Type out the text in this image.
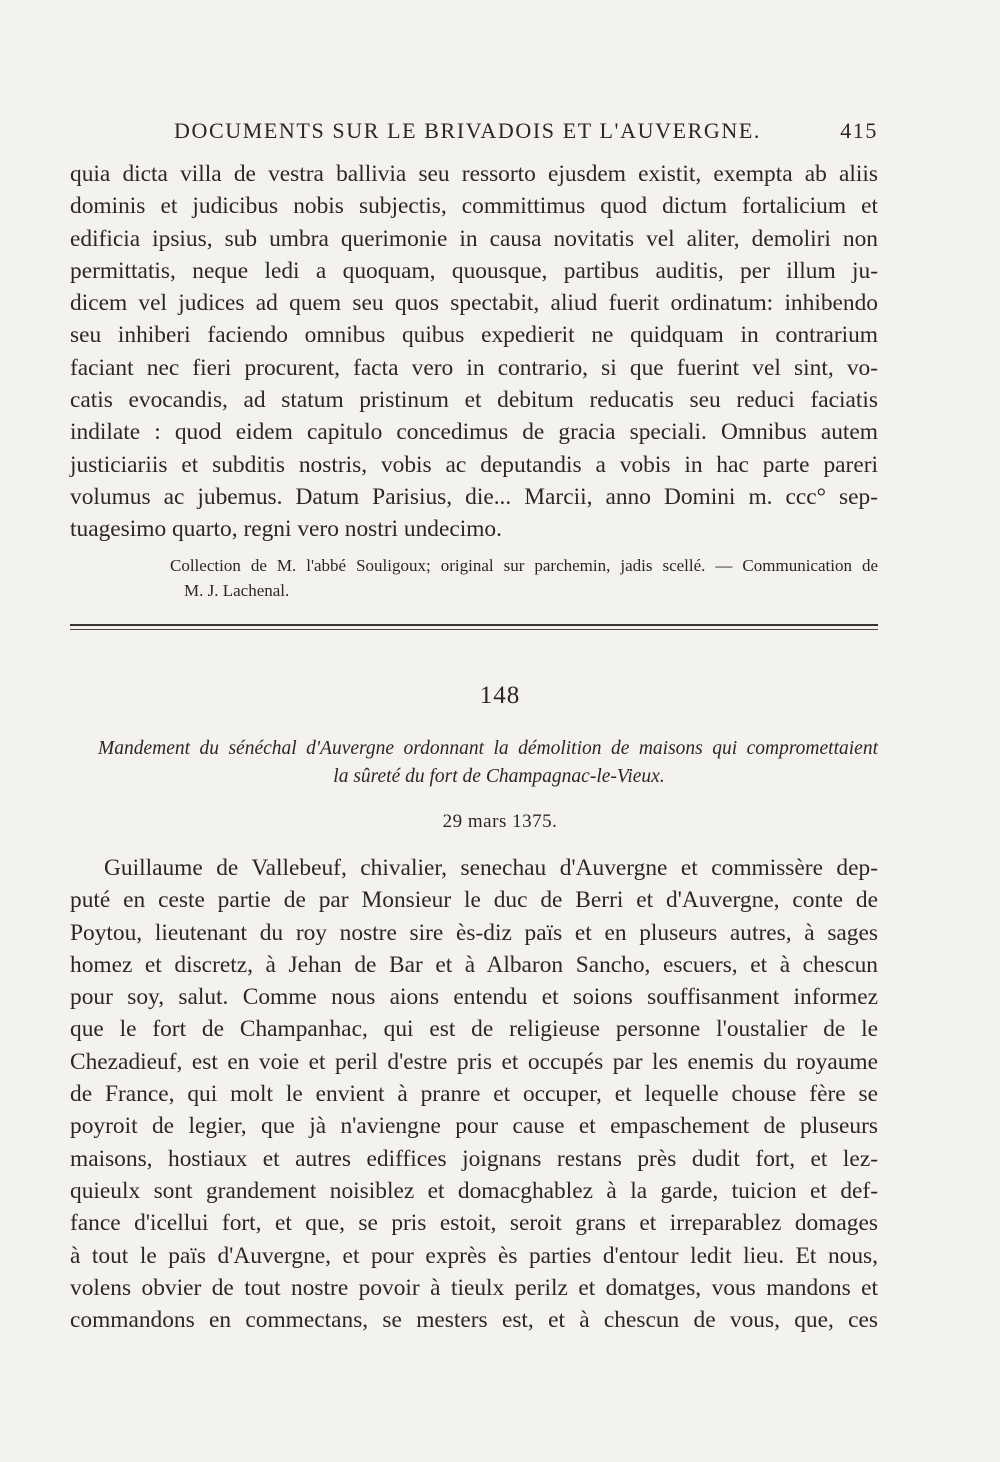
DOCUMENTS SUR LE BRIVADOIS ET L'AUVERGNE.	415
quia dicta villa de vestra ballivia seu ressorto ejusdem existit, exempta ab aliis
dominis et judicibus nobis subjectis, committimus quod dictum fortalicium et
edificia ipsius, sub umbra querimonie in causa novitatis vel aliter, demoliri non
permittatis, neque ledi a quoquam, quousque, partibus auditis, per illum ju-
dicem vel judices ad quem seu quos spectabit, aliud fuerit ordinatum: inhibendo
seu inhiberi faciendo omnibus quibus expedierit ne quidquam in contrarium
faciant nec fieri procurent, facta vero in contrario, si que fuerint vel sint, vo-
catis evocandis, ad statum pristinum et debitum reducatis seu reduci faciatis
indilate : quod eidem capitulo concedimus de gracia speciali. Omnibus autem
justiciariis et subditis nostris, vobis ac deputandis a vobis in hac parte pareri
volumus ac jubemus. Datum Parisius, die... Marcii, anno Domini m. ccc° sep-
tuagesimo quarto, regni vero nostri undecimo.
Collection de M. l'abbé Souligoux; original sur parchemin, jadis scellé. — Communication de
M. J. Lachenal.
148
Mandement du sénéchal d'Auvergne ordonnant la démolition de maisons qui compromettaient
la sûreté du fort de Champagnac-le-Vieux.
29 mars 1375.
Guillaume de Vallebeuf, chivalier, senechau d'Auvergne et commissère dep-
puté en ceste partie de par Monsieur le duc de Berri et d'Auvergne, conte de
Poytou, lieutenant du roy nostre sire ès-diz païs et en pluseurs autres, à sages
homez et discretz, à Jehan de Bar et à Albaron Sancho, escuers, et à chescun
pour soy, salut. Comme nous aions entendu et soions souffisanment informez
que le fort de Champanhac, qui est de religieuse personne l'oustalier de le
Chezadieuf, est en voie et peril d'estre pris et occupés par les enemis du royaume
de France, qui molt le envient à pranre et occuper, et lequelle chouse fère se
poyroit de legier, que jà n'aviengne pour cause et empaschement de pluseurs
maisons, hostiaux et autres ediffices joignans restans près dudit fort, et lez-
quieulx sont grandement noisiblez et domacghablez à la garde, tuicion et def-
fance d'icellui fort, et que, se pris estoit, seroit grans et irreparablez domages
à tout le païs d'Auvergne, et pour exprès ès parties d'entour ledit lieu. Et nous,
volens obvier de tout nostre povoir à tieulx perilz et domatges, vous mandons et
commandons en commectans, se mesters est, et à chescun de vous, que, ces
